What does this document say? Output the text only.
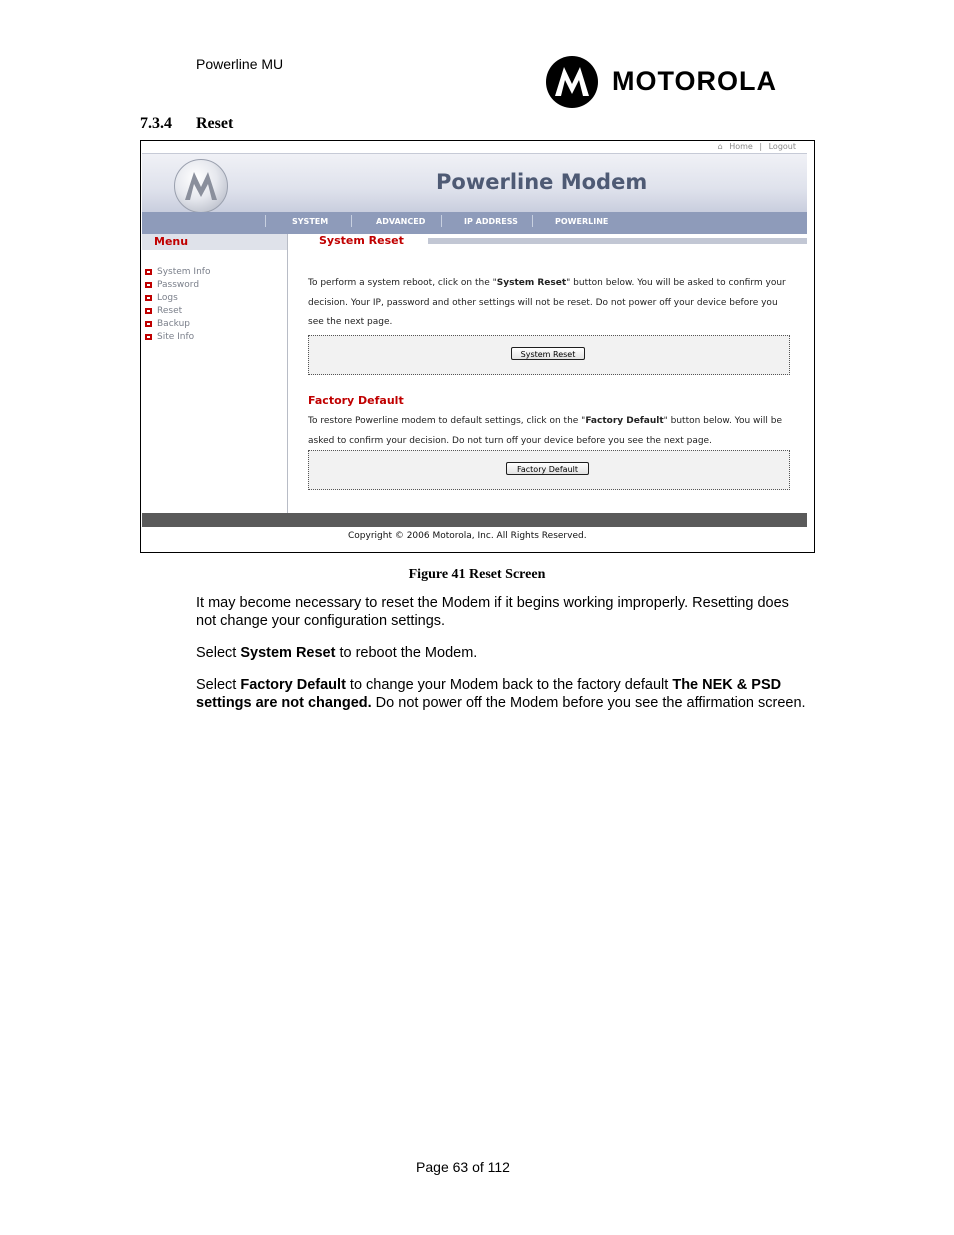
Powerline MU
MOTOROLA
7.3.4 Reset
⌂ Home | Logout
Powerline Modem
SYSTEM	ADVANCED	IP ADDRESS	POWERLINE
Menu
System Info
Password
Logs
Reset
Backup
Site Info
System Reset
To perform a system reboot, click on the "System Reset" button below. You will be asked to confirm your decision. Your IP, password and other settings will not be reset. Do not power off your device before you see the next page.
System Reset
Factory Default
To restore Powerline modem to default settings, click on the "Factory Default" button below. You will be asked to confirm your decision. Do not turn off your device before you see the next page.
Factory Default
Copyright © 2006 Motorola, Inc. All Rights Reserved.
Figure 41 Reset Screen

It may become necessary to reset the Modem if it begins working improperly. Resetting does not change your configuration settings.

Select System Reset to reboot the Modem.

Select Factory Default to change your Modem back to the factory default The NEK & PSD settings are not changed. Do not power off the Modem before you see the affirmation screen.

Page 63 of 112
